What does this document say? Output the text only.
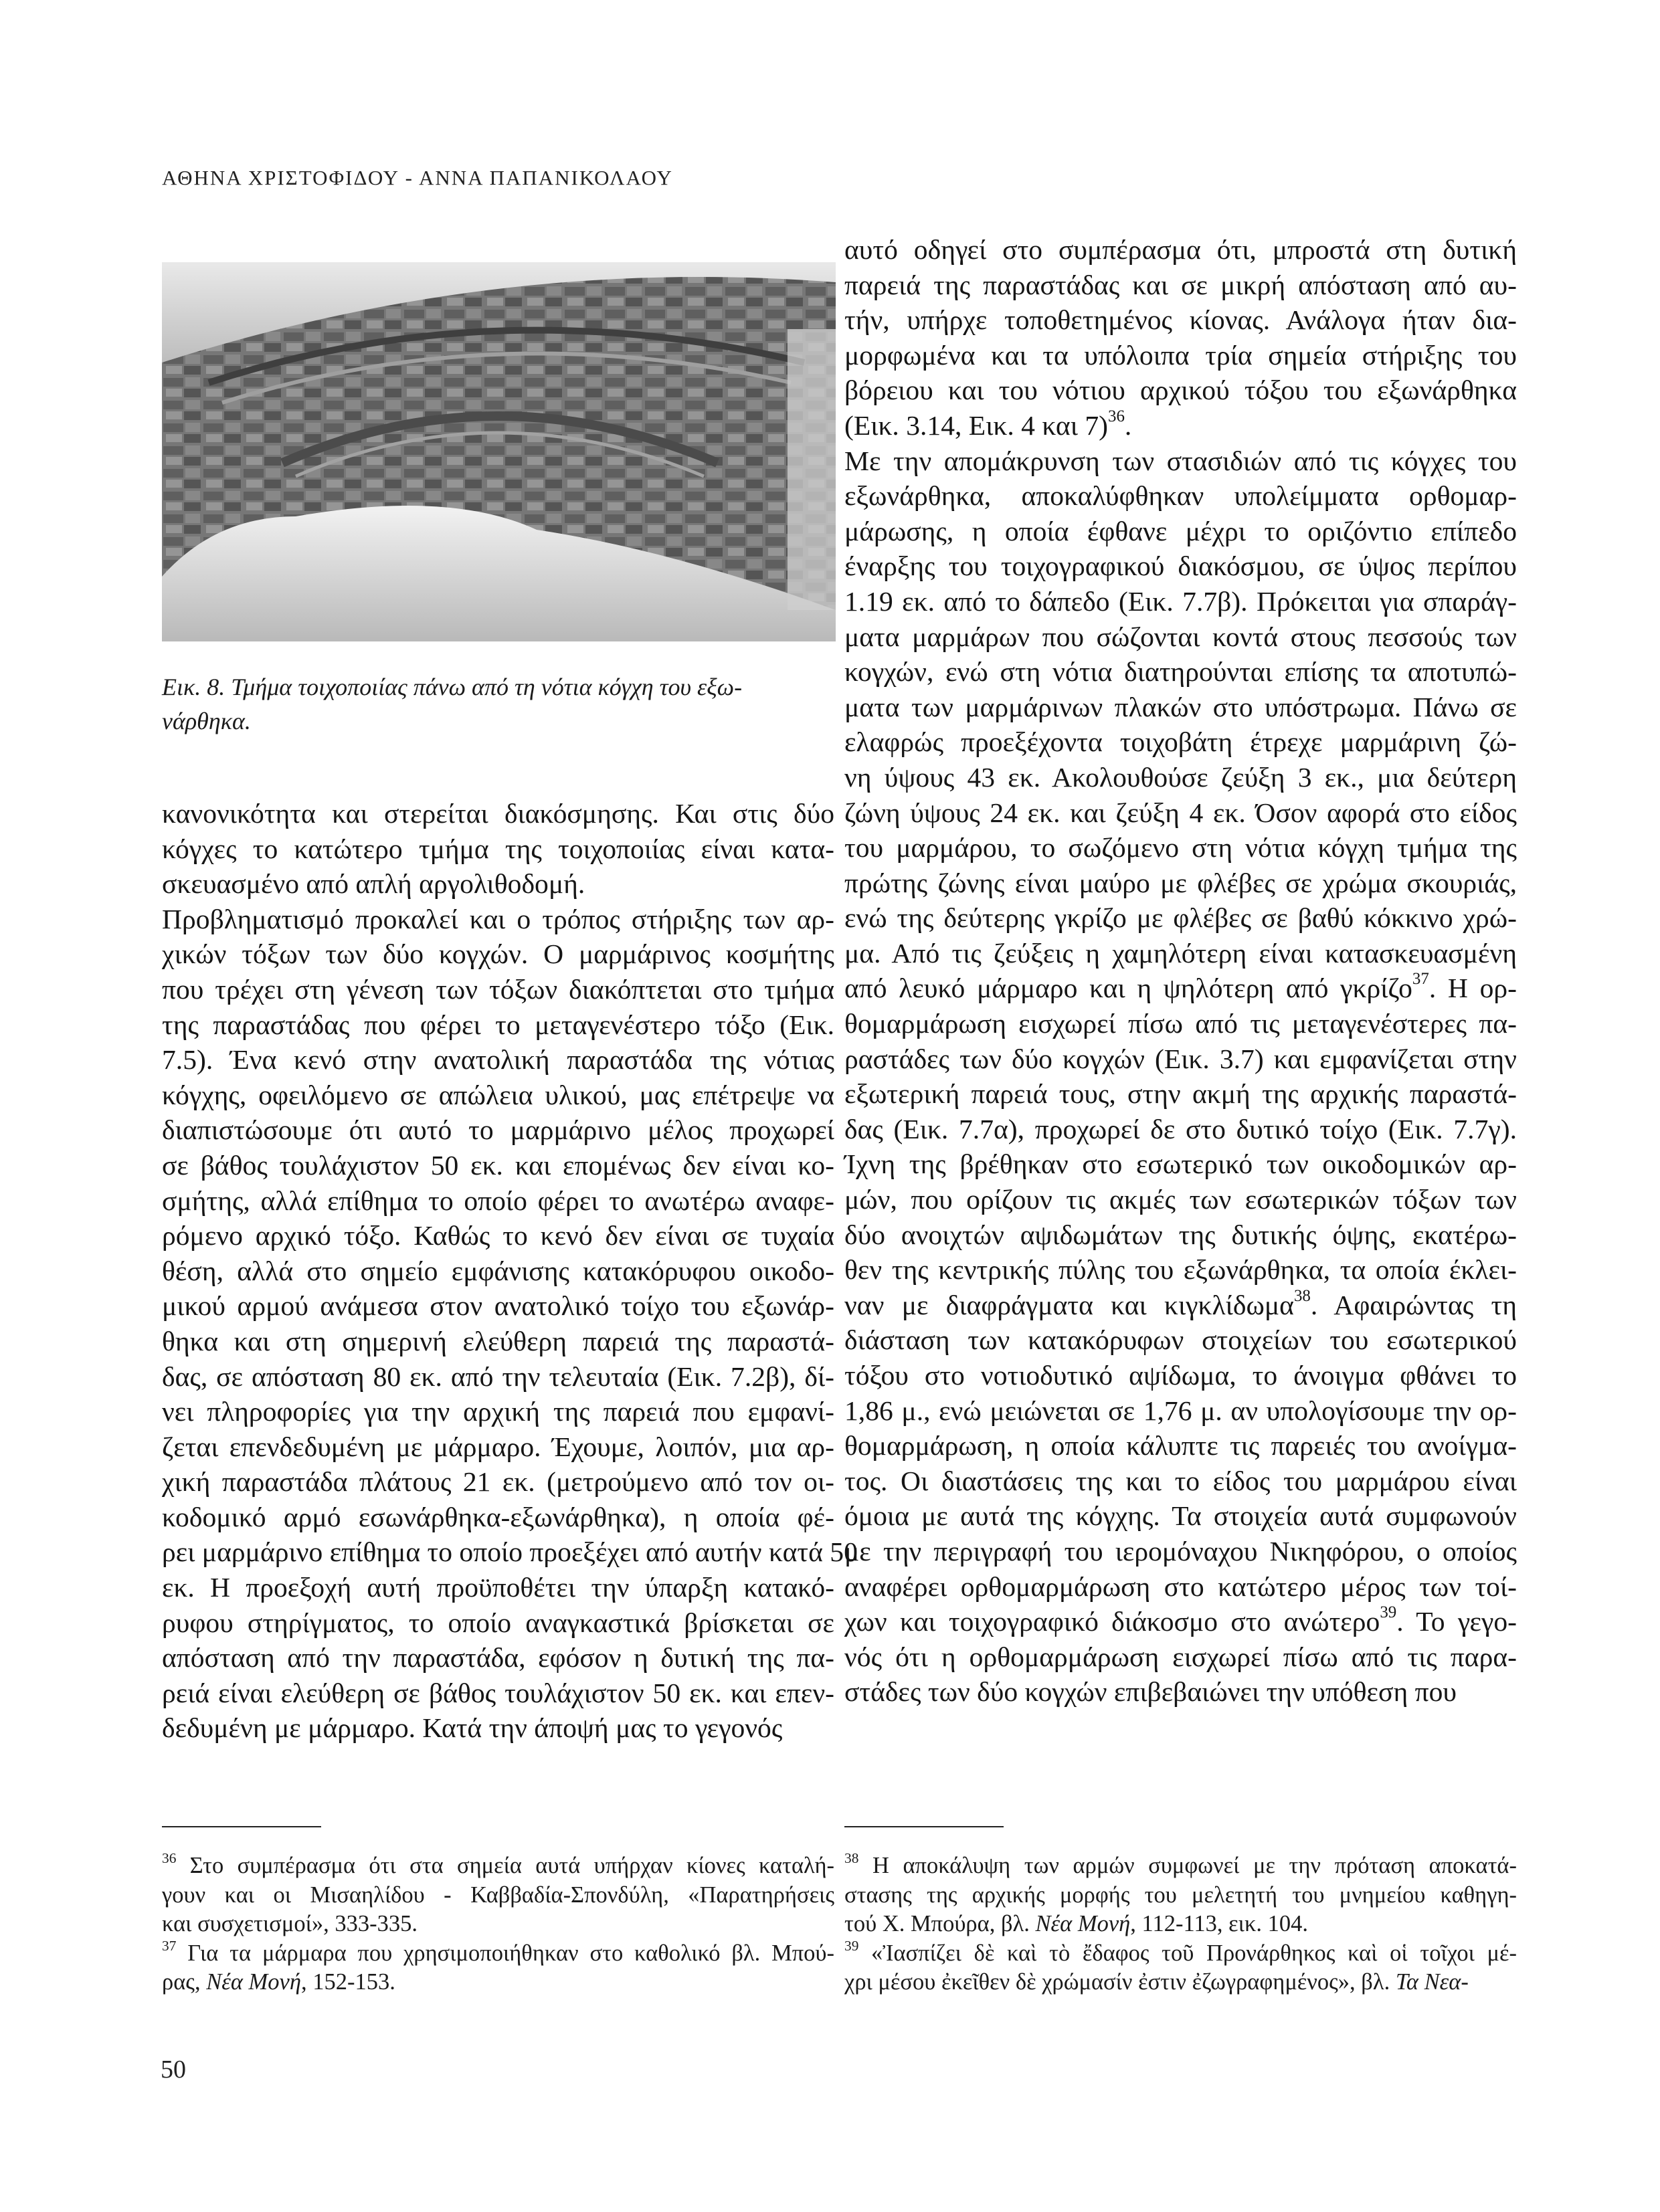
ΑΘΗΝΑ ΧΡΙΣΤΟΦΙΔΟΥ - ΑΝΝΑ ΠΑΠΑΝΙΚΟΛΑΟΥ
Εικ. 8. Τμήμα τοιχοποιίας πάνω από τη νότια κόγχη του εξω-
νάρθηκα.
κανονικότητα και στερείται διακόσμησης. Και στις δύο
κόγχες το κατώτερο τμήμα της τοιχοποιίας είναι κατα-
σκευασμένο από απλή αργολιθοδομή.
Προβληματισμό προκαλεί και ο τρόπος στήριξης των αρ-
χικών τόξων των δύο κογχών. Ο μαρμάρινος κοσμήτης
που τρέχει στη γένεση των τόξων διακόπτεται στο τμήμα
της παραστάδας που φέρει το μεταγενέστερο τόξο (Εικ.
7.5). Ένα κενό στην ανατολική παραστάδα της νότιας
κόγχης, οφειλόμενο σε απώλεια υλικού, μας επέτρεψε να
διαπιστώσουμε ότι αυτό το μαρμάρινο μέλος προχωρεί
σε βάθος τουλάχιστον 50 εκ. και επομένως δεν είναι κο-
σμήτης, αλλά επίθημα το οποίο φέρει το ανωτέρω αναφε-
ρόμενο αρχικό τόξο. Καθώς το κενό δεν είναι σε τυχαία
θέση, αλλά στο σημείο εμφάνισης κατακόρυφου οικοδο-
μικού αρμού ανάμεσα στον ανατολικό τοίχο του εξωνάρ-
θηκα και στη σημερινή ελεύθερη παρειά της παραστά-
δας, σε απόσταση 80 εκ. από την τελευταία (Εικ. 7.2β), δί-
νει πληροφορίες για την αρχική της παρειά που εμφανί-
ζεται επενδεδυμένη με μάρμαρο. Έχουμε, λοιπόν, μια αρ-
χική παραστάδα πλάτους 21 εκ. (μετρούμενο από τον οι-
κοδομικό αρμό εσωνάρθηκα-εξωνάρθηκα), η οποία φέ-
ρει μαρμάρινο επίθημα το οποίο προεξέχει από αυτήν κατά 50
εκ. Η προεξοχή αυτή προϋποθέτει την ύπαρξη κατακό-
ρυφου στηρίγματος, το οποίο αναγκαστικά βρίσκεται σε
απόσταση από την παραστάδα, εφόσον η δυτική της πα-
ρειά είναι ελεύθερη σε βάθος τουλάχιστον 50 εκ. και επεν-
δεδυμένη με μάρμαρο. Κατά την άποψή μας το γεγονός
αυτό οδηγεί στο συμπέρασμα ότι, μπροστά στη δυτική
παρειά της παραστάδας και σε μικρή απόσταση από αυ-
τήν, υπήρχε τοποθετημένος κίονας. Ανάλογα ήταν δια-
μορφωμένα και τα υπόλοιπα τρία σημεία στήριξης του
βόρειου και του νότιου αρχικού τόξου του εξωνάρθηκα
(Εικ. 3.14, Εικ. 4 και 7)$^{36}$.
Με την απομάκρυνση των στασιδιών από τις κόγχες του
εξωνάρθηκα, αποκαλύφθηκαν υπολείμματα ορθομαρ-
μάρωσης, η οποία έφθανε μέχρι το οριζόντιο επίπεδο
έναρξης του τοιχογραφικού διακόσμου, σε ύψος περίπου
1.19 εκ. από το δάπεδο (Εικ. 7.7β). Πρόκειται για σπαράγ-
ματα μαρμάρων που σώζονται κοντά στους πεσσούς των
κογχών, ενώ στη νότια διατηρούνται επίσης τα αποτυπώ-
ματα των μαρμάρινων πλακών στο υπόστρωμα. Πάνω σε
ελαφρώς προεξέχοντα τοιχοβάτη έτρεχε μαρμάρινη ζώ-
νη ύψους 43 εκ. Ακολουθούσε ζεύξη 3 εκ., μια δεύτερη
ζώνη ύψους 24 εκ. και ζεύξη 4 εκ. Όσον αφορά στο είδος
του μαρμάρου, το σωζόμενο στη νότια κόγχη τμήμα της
πρώτης ζώνης είναι μαύρο με φλέβες σε χρώμα σκουριάς,
ενώ της δεύτερης γκρίζο με φλέβες σε βαθύ κόκκινο χρώ-
μα. Από τις ζεύξεις η χαμηλότερη είναι κατασκευασμένη
από λευκό μάρμαρο και η ψηλότερη από γκρίζο$^{37}$. Η ορ-
θομαρμάρωση εισχωρεί πίσω από τις μεταγενέστερες πα-
ραστάδες των δύο κογχών (Εικ. 3.7) και εμφανίζεται στην
εξωτερική παρειά τους, στην ακμή της αρχικής παραστά-
δας (Εικ. 7.7α), προχωρεί δε στο δυτικό τοίχο (Εικ. 7.7γ).
Ίχνη της βρέθηκαν στο εσωτερικό των οικοδομικών αρ-
μών, που ορίζουν τις ακμές των εσωτερικών τόξων των
δύο ανοιχτών αψιδωμάτων της δυτικής όψης, εκατέρω-
θεν της κεντρικής πύλης του εξωνάρθηκα, τα οποία έκλει-
ναν με διαφράγματα και κιγκλίδωμα$^{38}$. Αφαιρώντας τη
διάσταση των κατακόρυφων στοιχείων του εσωτερικού
τόξου στο νοτιοδυτικό αψίδωμα, το άνοιγμα φθάνει το
1,86 μ., ενώ μειώνεται σε 1,76 μ. αν υπολογίσουμε την ορ-
θομαρμάρωση, η οποία κάλυπτε τις παρειές του ανοίγμα-
τος. Οι διαστάσεις της και το είδος του μαρμάρου είναι
όμοια με αυτά της κόγχης. Τα στοιχεία αυτά συμφωνούν
με την περιγραφή του ιερομόναχου Νικηφόρου, ο οποίος
αναφέρει ορθομαρμάρωση στο κατώτερο μέρος των τοί-
χων και τοιχογραφικό διάκοσμο στο ανώτερο$^{39}$. Το γεγο-
νός ότι η ορθομαρμάρωση εισχωρεί πίσω από τις παρα-
στάδες των δύο κογχών επιβεβαιώνει την υπόθεση που
$^{36}$ Στο συμπέρασμα ότι στα σημεία αυτά υπήρχαν κίονες καταλή-
γουν και οι Μισαηλίδου - Καββαδία-Σπονδύλη, «Παρατηρήσεις
και συσχετισμοί», 333-335.
$^{37}$ Για τα μάρμαρα που χρησιμοποιήθηκαν στο καθολικό βλ. Μπού-
ρας, Νέα Μονή, 152-153.
$^{38}$ Η αποκάλυψη των αρμών συμφωνεί με την πρόταση αποκατά-
στασης της αρχικής μορφής του μελετητή του μνημείου καθηγη-
τού Χ. Μπούρα, βλ. Νέα Μονή, 112-113, εικ. 104.
$^{39}$ «Ἰασπίζει δὲ καὶ τὸ ἔδαφος τοῦ Προνάρθηκος καὶ οἱ τοῖχοι μέ-
χρι μέσου ἐκεῖθεν δὲ χρώμασίν ἐστιν ἐζωγραφημένος», βλ. Τα Νεα-
50
